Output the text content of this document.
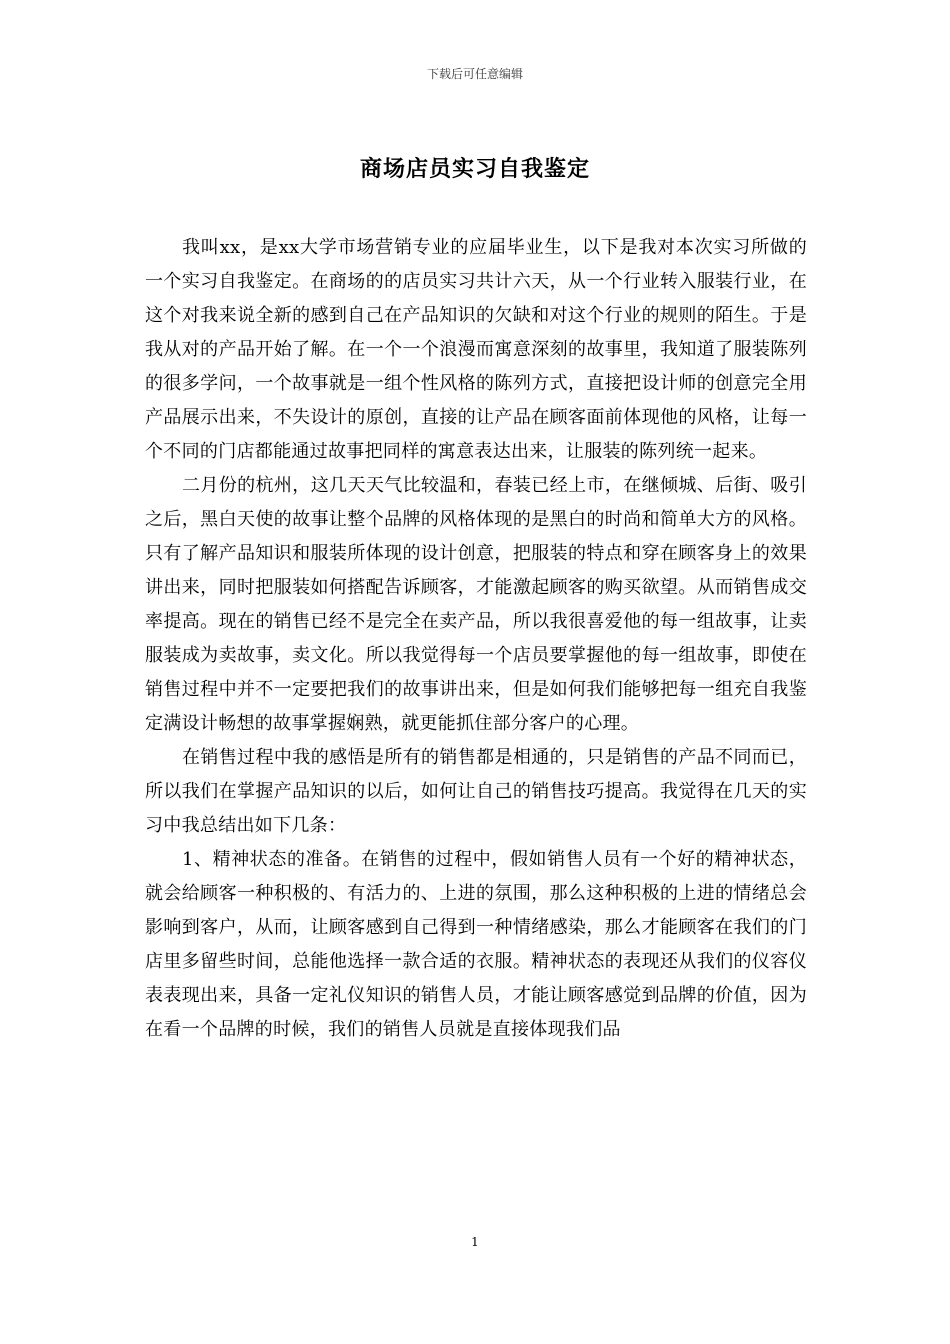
下载后可任意编辑
商场店员实习自我鉴定

我叫xx，是xx大学市场营销专业的应届毕业生，以下是我对本次实习所做的一个实习自我鉴定。在商场的的店员实习共计六天，从一个行业转入服装行业，在这个对我来说全新的感到自己在产品知识的欠缺和对这个行业的规则的陌生。于是我从对的产品开始了解。在一个一个浪漫而寓意深刻的故事里，我知道了服装陈列的很多学问，一个故事就是一组个性风格的陈列方式，直接把设计师的创意完全用产品展示出来，不失设计的原创，直接的让产品在顾客面前体现他的风格，让每一个不同的门店都能通过故事把同样的寓意表达出来，让服装的陈列统一起来。

二月份的杭州，这几天天气比较温和，春装已经上市，在继倾城、后街、吸引之后，黑白天使的故事让整个品牌的风格体现的是黑白的时尚和简单大方的风格。只有了解产品知识和服装所体现的设计创意，把服装的特点和穿在顾客身上的效果讲出来，同时把服装如何搭配告诉顾客，才能激起顾客的购买欲望。从而销售成交率提高。现在的销售已经不是完全在卖产品，所以我很喜爱他的每一组故事，让卖服装成为卖故事，卖文化。所以我觉得每一个店员要掌握他的每一组故事，即使在销售过程中并不一定要把我们的故事讲出来，但是如何我们能够把每一组充自我鉴定满设计畅想的故事掌握娴熟，就更能抓住部分客户的心理。

在销售过程中我的感悟是所有的销售都是相通的，只是销售的产品不同而已，所以我们在掌握产品知识的以后，如何让自己的销售技巧提高。我觉得在几天的实习中我总结出如下几条：

1、精神状态的准备。在销售的过程中，假如销售人员有一个好的精神状态，就会给顾客一种积极的、有活力的、上进的氛围，那么这种积极的上进的情绪总会影响到客户，从而，让顾客感到自己得到一种情绪感染，那么才能顾客在我们的门店里多留些时间，总能他选择一款合适的衣服。精神状态的表现还从我们的仪容仪表表现出来，具备一定礼仪知识的销售人员，才能让顾客感觉到品牌的价值，因为在看一个品牌的时候，我们的销售人员就是直接体现我们品

1
